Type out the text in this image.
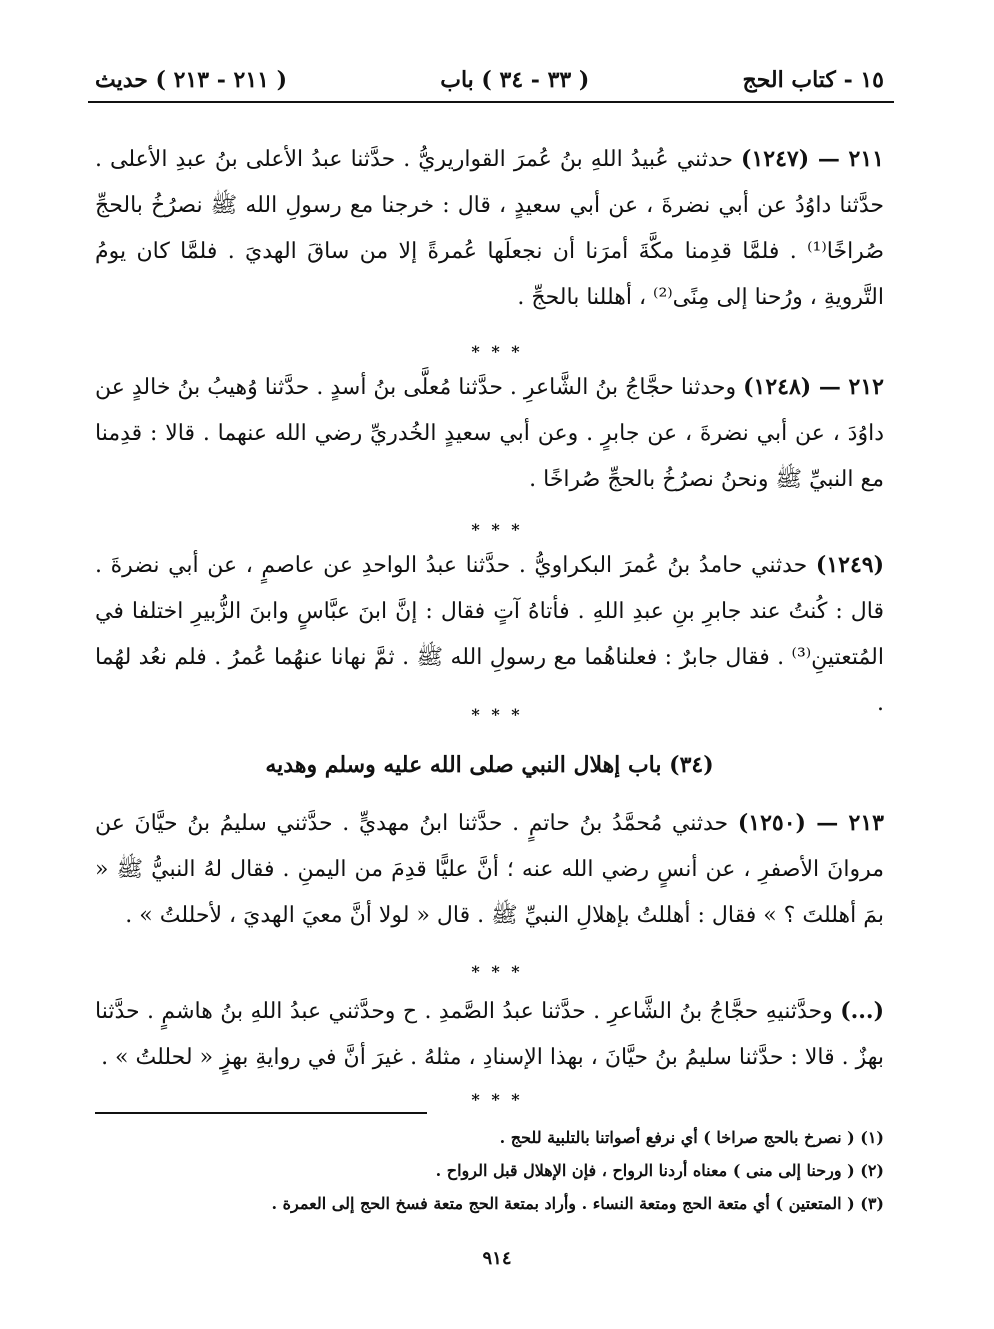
١٥ - كتاب الحج
( ٣٣ - ٣٤ ) باب
( ٢١١ - ٢١٣ ) حديث
٢١١ — (١٢٤٧) حدثني عُبيدُ اللهِ بنُ عُمرَ القواريريُّ . حدَّثنا عبدُ الأعلى بنُ عبدِ الأعلى . حدَّثنا داوُدُ عن أبي نضرةَ ، عن أبي سعيدٍ ، قال : خرجنا مع رسولِ الله ﷺ نصرُخُ بالحجِّ صُراخًا⁽¹⁾ . فلمَّا قدِمنا مكَّةَ أمرَنا أن نجعلَها عُمرةً إلا من ساقَ الهديَ . فلمَّا كان يومُ التَّرويةِ ، ورُحنا إلى مِنًى⁽²⁾ ، أهللنا بالحجِّ .
* * *
٢١٢ — (١٢٤٨) وحدثنا حجَّاجُ بنُ الشَّاعرِ . حدَّثنا مُعلَّى بنُ أسدٍ . حدَّثنا وُهيبُ بنُ خالدٍ عن داوُدَ ، عن أبي نضرةَ ، عن جابرٍ . وعن أبي سعيدٍ الخُدريِّ رضي الله عنهما . قالا : قدِمنا مع النبيِّ ﷺ ونحنُ نصرُخُ بالحجِّ صُراخًا .
* * *
(١٢٤٩) حدثني حامدُ بنُ عُمرَ البكراويُّ . حدَّثنا عبدُ الواحدِ عن عاصمٍ ، عن أبي نضرةَ . قال : كُنتُ عند جابرِ بنِ عبدِ اللهِ . فأتاهُ آتٍ فقال : إنَّ ابنَ عبَّاسٍ وابنَ الزُّبيرِ اختلفا في المُتعتينِ⁽³⁾ . فقال جابرٌ : فعلناهُما مع رسولِ الله ﷺ . ثمَّ نهانا عنهُما عُمرُ . فلم نعُد لهُما .
* * *
(٣٤) باب إهلال النبي صلى الله عليه وسلم وهديه
٢١٣ — (١٢٥٠) حدثني مُحمَّدُ بنُ حاتمٍ . حدَّثنا ابنُ مهديٍّ . حدَّثني سليمُ بنُ حيَّانَ عن مروانَ الأصفرِ ، عن أنسٍ رضي الله عنه ؛ أنَّ عليًّا قدِمَ من اليمنِ . فقال لهُ النبيُّ ﷺ « بمَ أهللتَ ؟ » فقال : أهللتُ بإهلالِ النبيِّ ﷺ . قال « لولا أنَّ معيَ الهديَ ، لأحللتُ » .
* * *
(...) وحدَّثنيهِ حجَّاجُ بنُ الشَّاعرِ . حدَّثنا عبدُ الصَّمدِ . ح وحدَّثني عبدُ اللهِ بنُ هاشمٍ . حدَّثنا بهزٌ . قالا : حدَّثنا سليمُ بنُ حيَّانَ ، بهذا الإسنادِ ، مثلهُ . غيرَ أنَّ في روايةِ بهزٍ « لحللتُ » .
* * *
(١) ( نصرخ بالحج صراخا ) أي نرفع أصواتنا بالتلبية للحج .
(٢) ( ورحنا إلى منى ) معناه أردنا الرواح ، فإن الإهلال قبل الرواح .
(٣) ( المتعتين ) أي متعة الحج ومتعة النساء . وأراد بمتعة الحج متعة فسخ الحج إلى العمرة .
٩١٤
